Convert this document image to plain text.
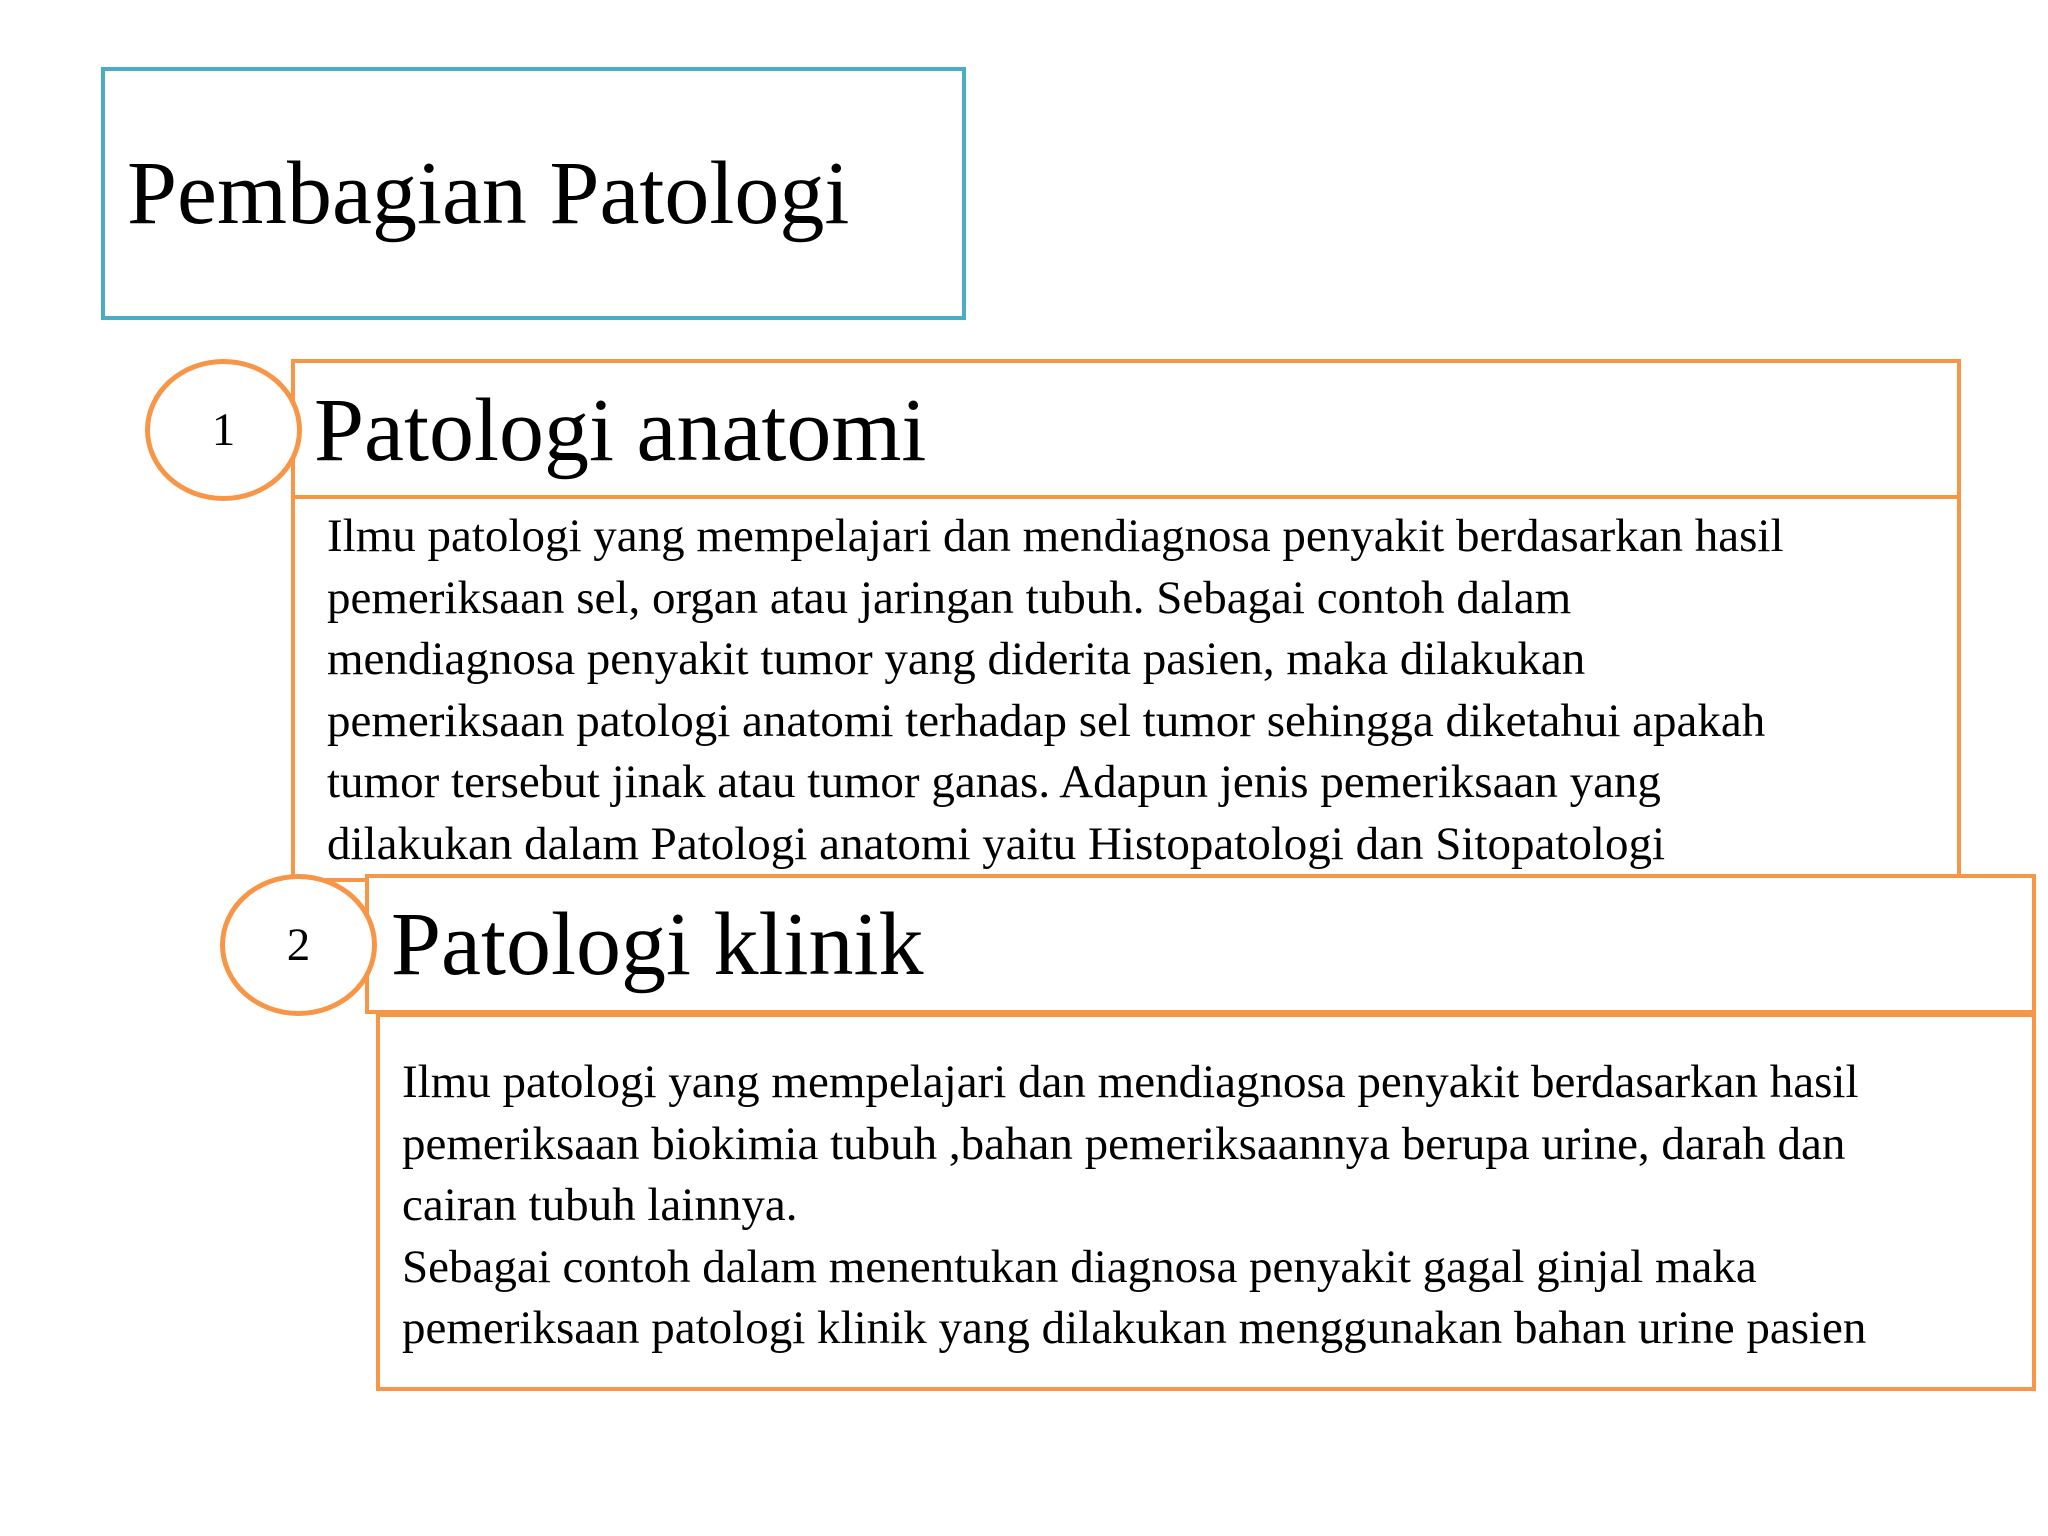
Pembagian Patologi
Ilmu patologi yang mempelajari dan mendiagnosa penyakit berdasarkan hasil
pemeriksaan sel, organ atau jaringan tubuh. Sebagai contoh dalam
mendiagnosa penyakit tumor yang diderita pasien, maka dilakukan
pemeriksaan patologi anatomi terhadap sel tumor sehingga diketahui apakah
tumor tersebut jinak atau tumor ganas. Adapun jenis pemeriksaan yang
dilakukan dalam Patologi anatomi yaitu Histopatologi dan Sitopatologi
Patologi anatomi
1
Ilmu patologi yang mempelajari dan mendiagnosa penyakit berdasarkan hasil
pemeriksaan biokimia tubuh ,bahan pemeriksaannya berupa urine, darah dan
cairan tubuh lainnya.
Sebagai contoh dalam menentukan diagnosa penyakit gagal ginjal maka
pemeriksaan patologi klinik yang dilakukan menggunakan bahan urine pasien
Patologi klinik
2
